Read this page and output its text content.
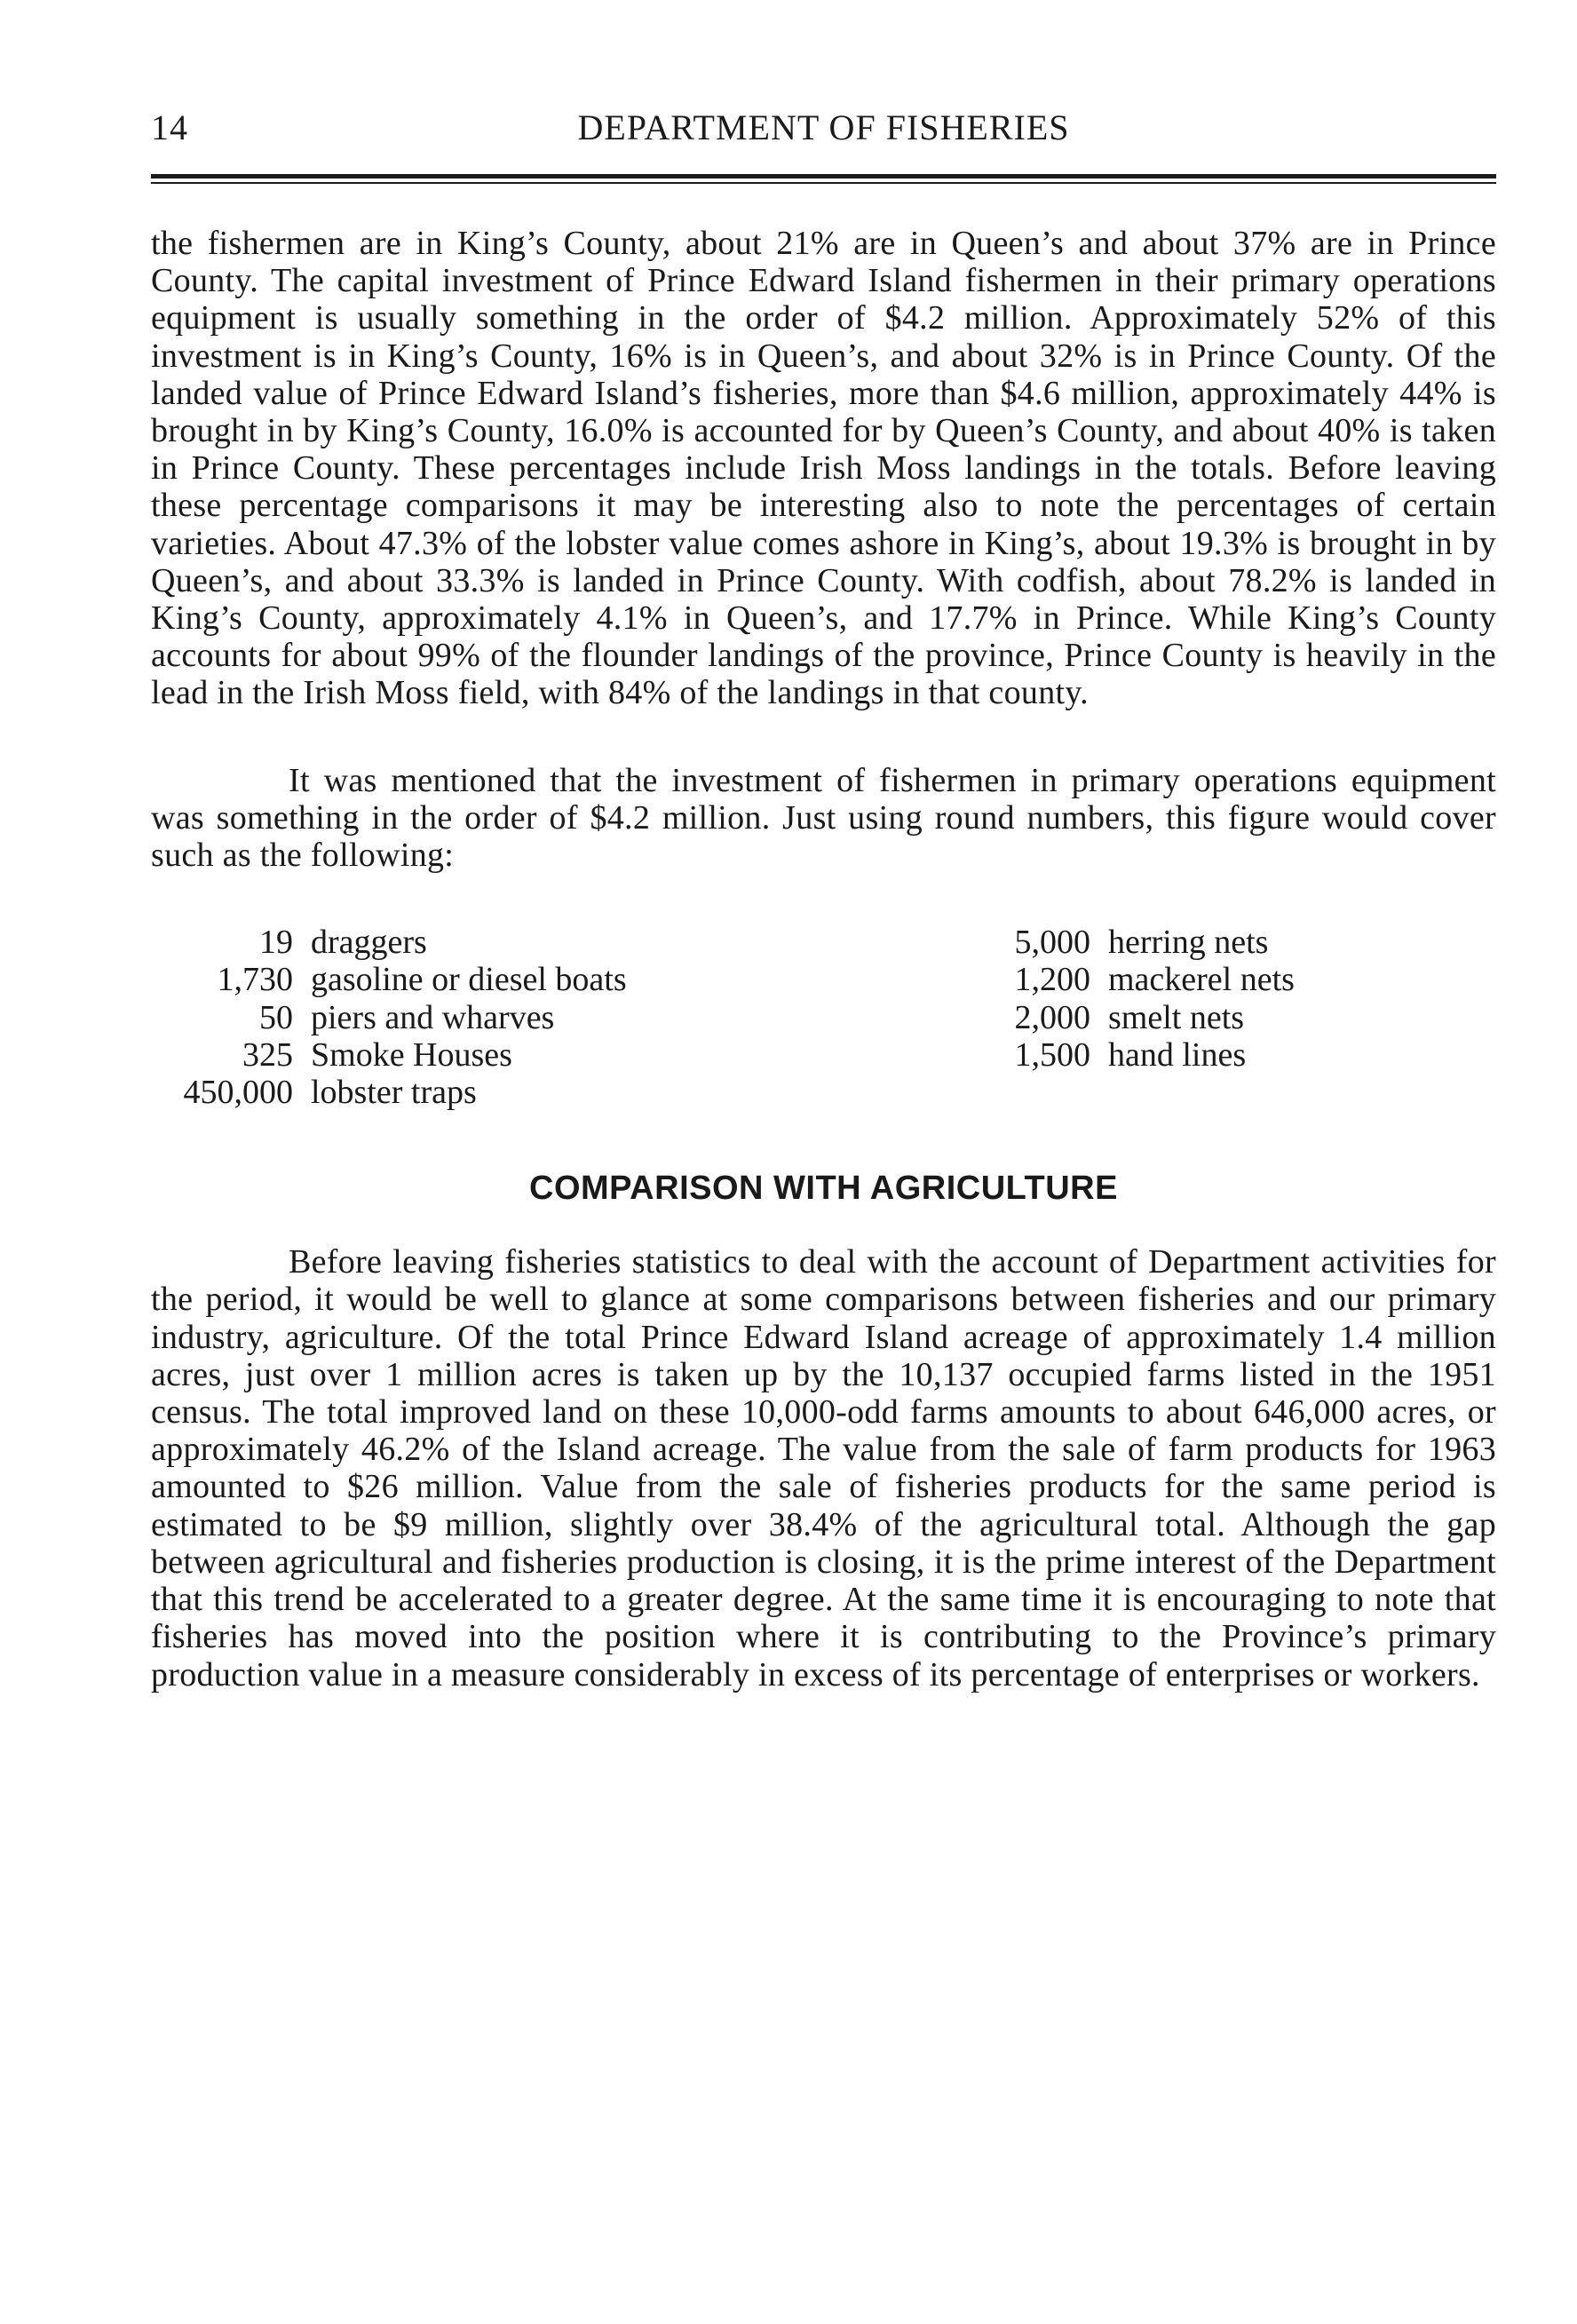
14	DEPARTMENT OF FISHERIES

the fishermen are in King’s County, about 21% are in Queen’s and about 37% are in Prince County. The capital investment of Prince Edward Island fishermen in their primary operations equipment is usually something in the order of $4.2 million. Approximately 52% of this investment is in King’s County, 16% is in Queen’s, and about 32% is in Prince County. Of the landed value of Prince Edward Island’s fisheries, more than $4.6 million, approximately 44% is brought in by King’s County, 16.0% is accounted for by Queen’s County, and about 40% is taken in Prince County. These percentages include Irish Moss landings in the totals. Before leaving these percentage comparisons it may be interesting also to note the percentages of certain varieties. About 47.3% of the lobster value comes ashore in King’s, about 19.3% is brought in by Queen’s, and about 33.3% is landed in Prince County. With codfish, about 78.2% is landed in King’s County, approximately 4.1% in Queen’s, and 17.7% in Prince. While King’s County accounts for about 99% of the flounder landings of the province, Prince County is heavily in the lead in the Irish Moss field, with 84% of the landings in that county.

It was mentioned that the investment of fishermen in primary operations equipment was something in the order of $4.2 million. Just using round numbers, this figure would cover such as the following:

19 draggers
1,730 gasoline or diesel boats
50 piers and wharves
325 Smoke Houses
450,000 lobster traps
5,000 herring nets
1,200 mackerel nets
2,000 smelt nets
1,500 hand lines
COMPARISON WITH AGRICULTURE

Before leaving fisheries statistics to deal with the account of Department activities for the period, it would be well to glance at some comparisons between fisheries and our primary industry, agriculture. Of the total Prince Edward Island acreage of approximately 1.4 million acres, just over 1 million acres is taken up by the 10,137 occupied farms listed in the 1951 census. The total improved land on these 10,000-odd farms amounts to about 646,000 acres, or approximately 46.2% of the Island acreage. The value from the sale of farm products for 1963 amounted to $26 million. Value from the sale of fisheries products for the same period is estimated to be $9 million, slightly over 38.4% of the agricultural total. Although the gap between agricultural and fisheries production is closing, it is the prime interest of the Department that this trend be accelerated to a greater degree. At the same time it is encouraging to note that fisheries has moved into the position where it is contributing to the Province’s primary production value in a measure considerably in excess of its percentage of enterprises or workers.
